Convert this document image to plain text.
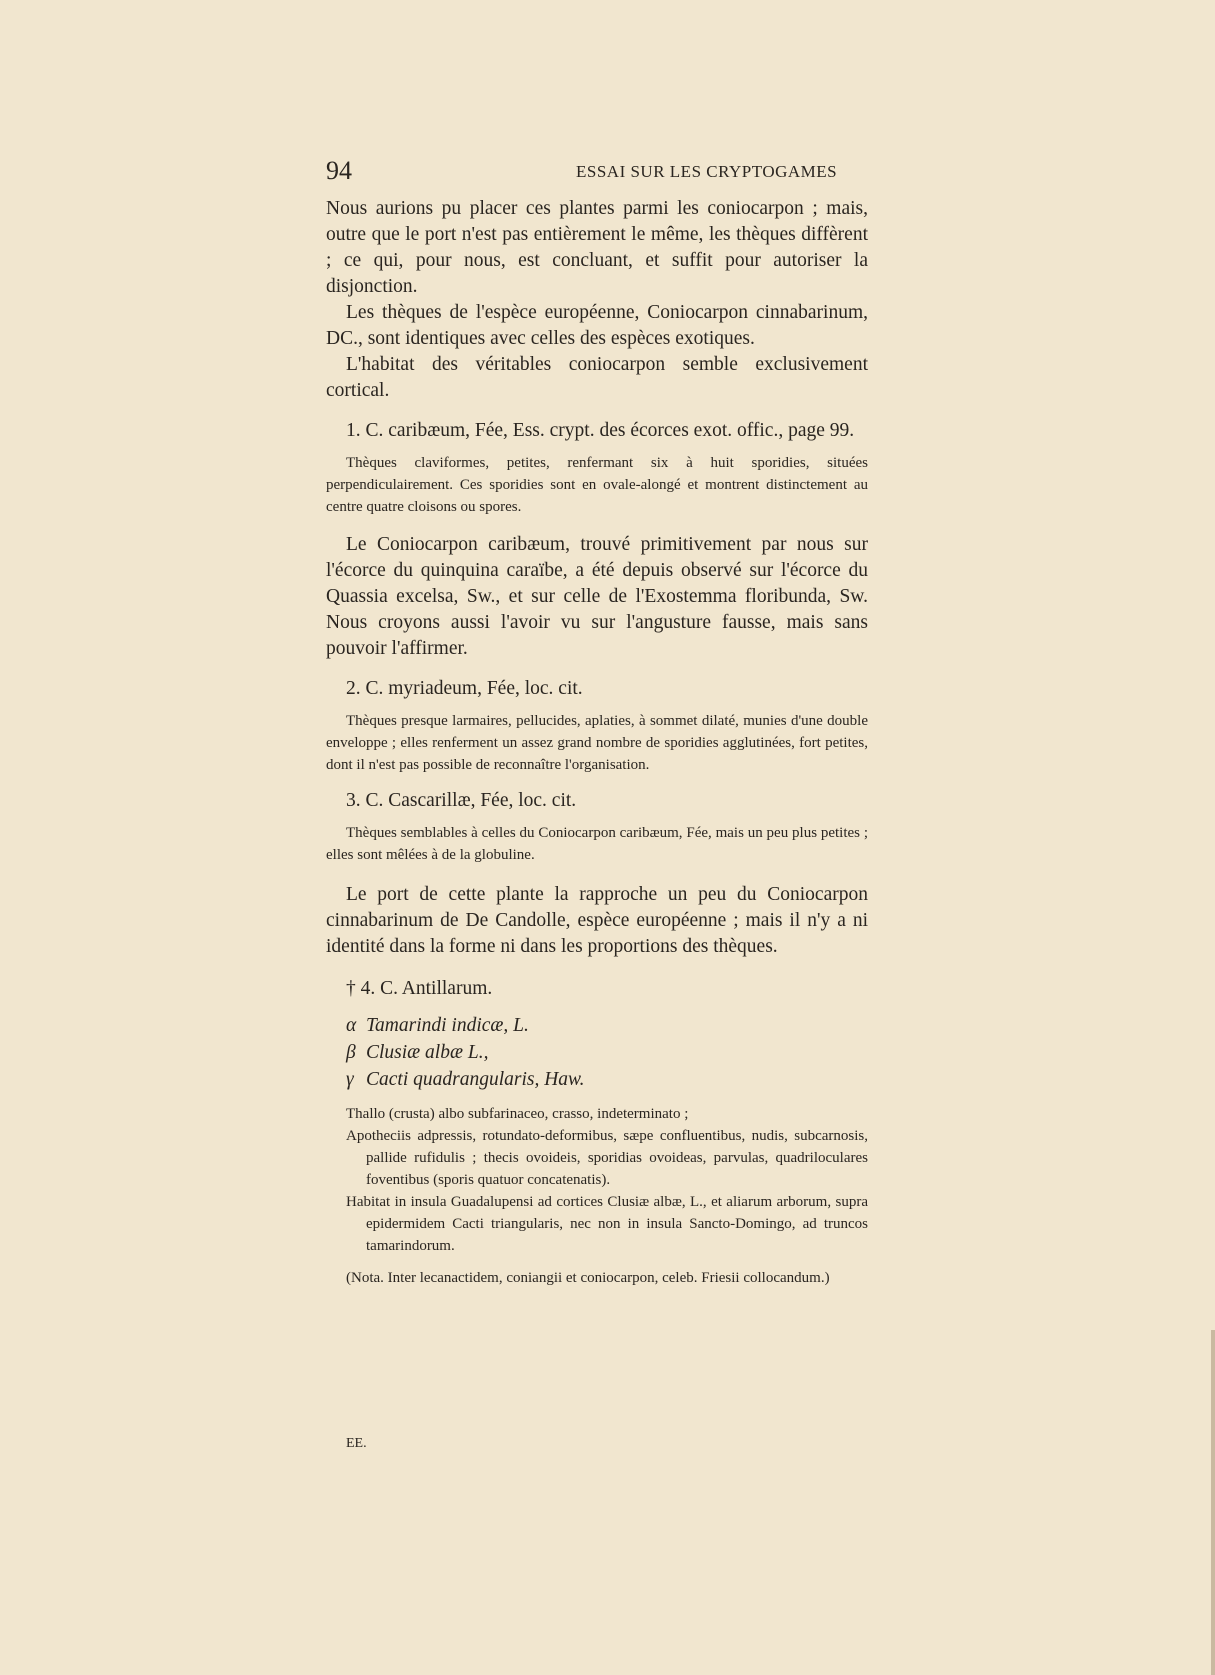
94	ESSAI SUR LES CRYPTOGAMES

Nous aurions pu placer ces plantes parmi les coniocarpon ; mais, outre que le port n'est pas entièrement le même, les thèques diffèrent ; ce qui, pour nous, est concluant, et suffit pour autoriser la disjonction.

Les thèques de l'espèce européenne, Coniocarpon cinnabarinum, DC., sont identiques avec celles des espèces exotiques.

L'habitat des véritables coniocarpon semble exclusivement cortical.

1. C. caribæum, Fée, Ess. crypt. des écorces exot. offic., page 99.

Thèques claviformes, petites, renfermant six à huit sporidies, situées perpendiculairement. Ces sporidies sont en ovale-alongé et montrent distinctement au centre quatre cloisons ou spores.

Le Coniocarpon caribæum, trouvé primitivement par nous sur l'écorce du quinquina caraïbe, a été depuis observé sur l'écorce du Quassia excelsa, Sw., et sur celle de l'Exostemma floribunda, Sw. Nous croyons aussi l'avoir vu sur l'angusture fausse, mais sans pouvoir l'affirmer.

2. C. myriadeum, Fée, loc. cit.

Thèques presque larmaires, pellucides, aplaties, à sommet dilaté, munies d'une double enveloppe ; elles renferment un assez grand nombre de sporidies agglutinées, fort petites, dont il n'est pas possible de reconnaître l'organisation.

3. C. Cascarillæ, Fée, loc. cit.

Thèques semblables à celles du Coniocarpon caribæum, Fée, mais un peu plus petites ; elles sont mêlées à de la globuline.

Le port de cette plante la rapproche un peu du Coniocarpon cinnabarinum de De Candolle, espèce européenne ; mais il n'y a ni identité dans la forme ni dans les proportions des thèques.

† 4. C. Antillarum.

α Tamarindi indicæ, L.
β Clusiæ albæ L.,
γ Cacti quadrangularis, Haw.

Thallo (crusta) albo subfarinaceo, crasso, indeterminato ;

Apotheciis adpressis, rotundato-deformibus, sæpe confluentibus, nudis, subcarnosis, pallide rufidulis ; thecis ovoideis, sporidias ovoideas, parvulas, quadriloculares foventibus (sporis quatuor concatenatis).

Habitat in insula Guadalupensi ad cortices Clusiæ albæ, L., et aliarum arborum, supra epidermidem Cacti triangularis, nec non in insula Sancto-Domingo, ad truncos tamarindorum.

(Nota. Inter lecanactidem, coniangii et coniocarpon, celeb. Friesii collocandum.)

EE.
